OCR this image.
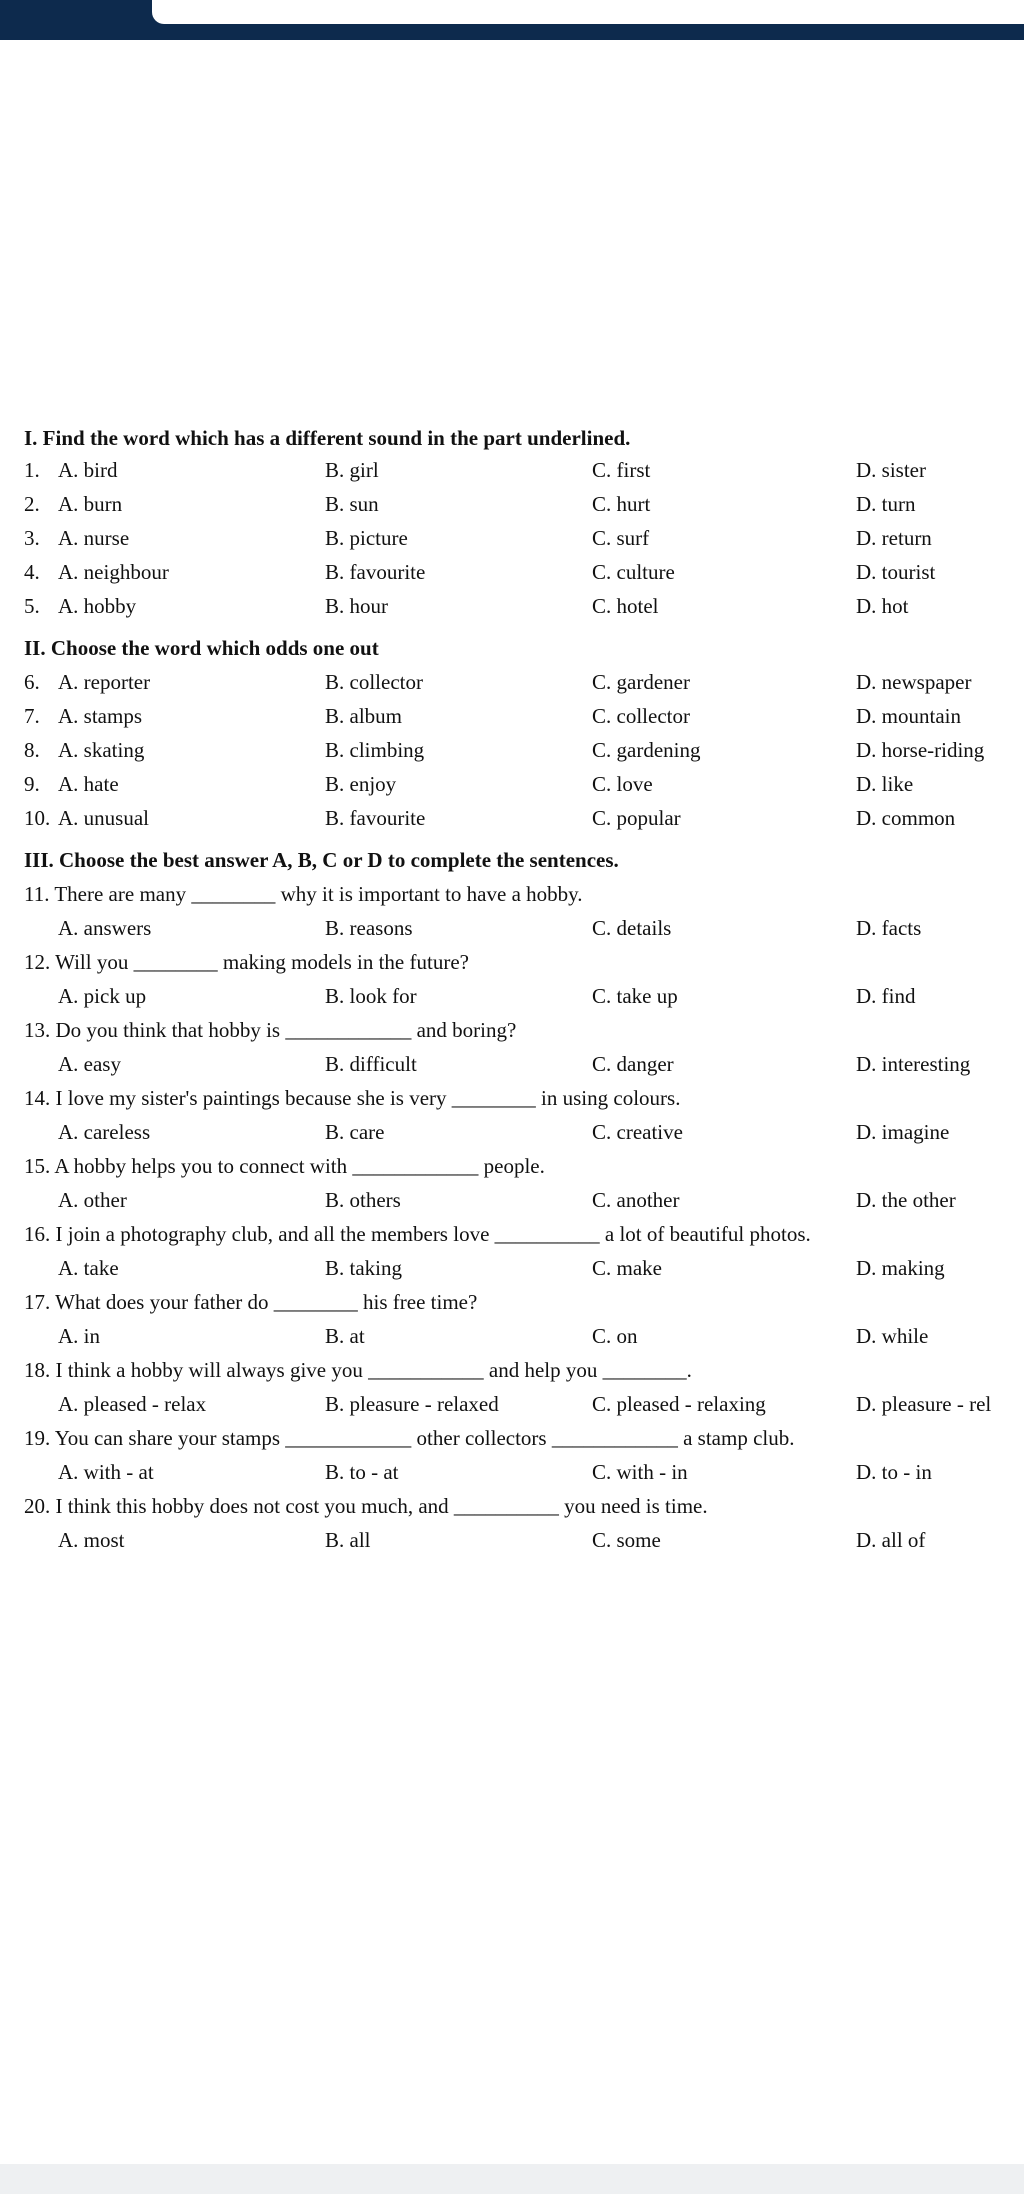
I. Find the word which has a different sound in the part underlined.
1. A. bird	B. girl	C. first	D. sister
2. A. burn	B. sun	C. hurt	D. turn
3. A. nurse	B. picture	C. surf	D. return
4. A. neighbour	B. favourite	C. culture	D. tourist
5. A. hobby	B. hour	C. hotel	D. hot
II. Choose the word which odds one out
6. A. reporter	B. collector	C. gardener	D. newspaper
7. A. stamps	B. album	C. collector	D. mountain
8. A. skating	B. climbing	C. gardening	D. horse-riding
9. A. hate	B. enjoy	C. love	D. like
10. A. unusual	B. favourite	C. popular	D. common
III. Choose the best answer A, B, C or D to complete the sentences.
11. There are many ________ why it is important to have a hobby.
A. answers	B. reasons	C. details	D. facts
12. Will you ________ making models in the future?
A. pick up	B. look for	C. take up	D. find
13. Do you think that hobby is ____________ and boring?
A. easy	B. difficult	C. danger	D. interesting
14. I love my sister's paintings because she is very ________ in using colours.
A. careless	B. care	C. creative	D. imagine
15. A hobby helps you to connect with ____________ people.
A. other	B. others	C. another	D. the other
16. I join a photography club, and all the members love __________ a lot of beautiful photos.
A. take	B. taking	C. make	D. making
17. What does your father do ________ his free time?
A. in	B. at	C. on	D. while
18. I think a hobby will always give you ___________ and help you ________.
A. pleased - relax	B. pleasure - relaxed	C. pleased - relaxing	D. pleasure - rel
19. You can share your stamps ____________ other collectors ____________ a stamp club.
A. with - at	B. to - at	C. with - in	D. to - in
20. I think this hobby does not cost you much, and __________ you need is time.
A. most	B. all	C. some	D. all of
